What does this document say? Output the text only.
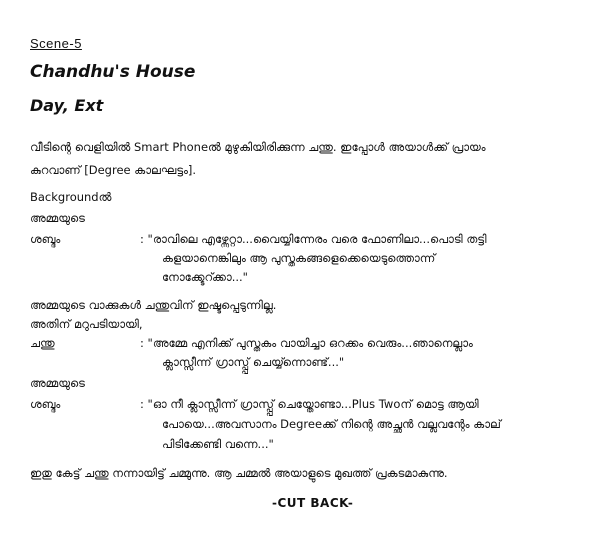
Scene-5
Chandhu's House
Day, Ext
വീടിന്റെ വെളിയിൽ Smart Phoneൽ മുഴുകിയിരിക്കുന്ന ചന്തു. ഇപ്പോൾ അയാൾക്ക് പ്രായം
കുറവാണ് [Degree കാലഘട്ടം].
Backgroundൽ
അമ്മയുടെ
ശബ്ദം	: "രാവിലെ എഴ്ന്നേറ്റാ...വൈയ്യിന്നേരം വരെ ഫോണിലാ...പൊടി തട്ടി
കളയാനെങ്കിലും ആ പുസ്തകങ്ങളെക്കെയെടുത്തൊന്ന്
നോക്ക്ടേറ്ക്കാ..."
അമ്മയുടെ വാക്കുകൾ ചന്തുവിന് ഇഷ്ടപ്പെടുന്നില്ല.
അതിന് മറുപടിയായി,
ചന്തു	: "അമ്മേ എനിക്ക് പുസ്തകം വായിച്ചാ ഒറക്കം വെരും...ഞാനെല്ലാം
ക്ലാസ്സീന്ന് ഗ്രാസ്പ്പ് ചെയ്യ്ന്നൊണ്ട്..."
അമ്മയുടെ
ശബ്ദം	: "ഓ നീ ക്ലാസ്സീന്ന് ഗ്രാസ്പ്പ് ചെയ്തോണ്ടാ...Plus Twoന് മൊട്ട ആയി
പോയെ...അവസാനം Degreeക്ക് നിന്റെ അച്ഛൻ വല്ലവന്റേം കാല്
പിടിക്കേണ്ടി വന്നെ..."
ഇതു കേട്ട് ചന്തു നന്നായിട്ട് ചമ്മുന്നു. ആ ചമ്മൽ അയാളുടെ മുഖത്ത് പ്രകടമാകുന്നു.
-CUT BACK-
